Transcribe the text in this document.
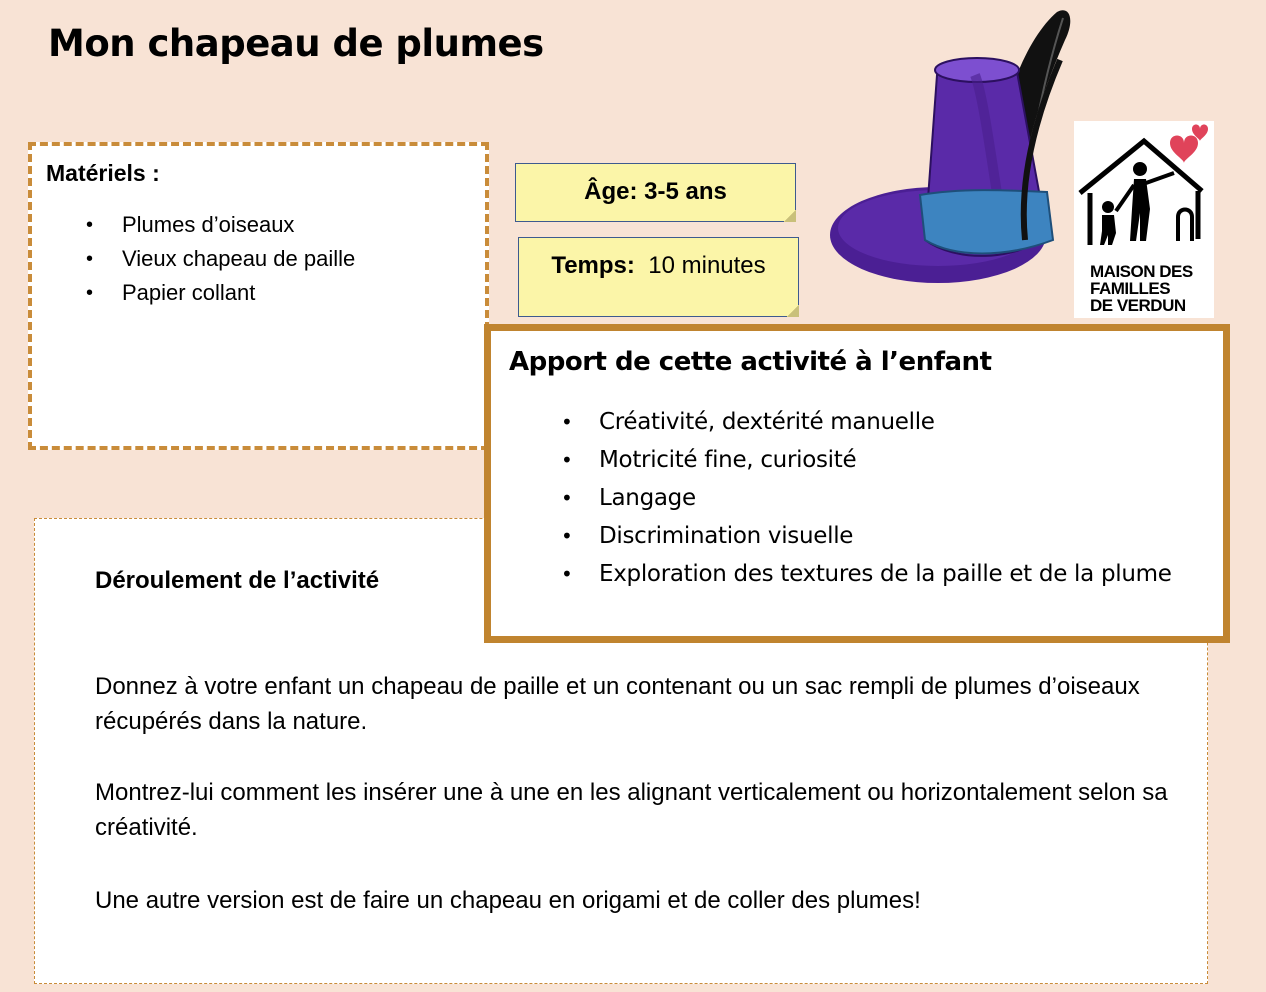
Mon chapeau de plumes
Matériels :
• Plumes d’oiseaux
• Vieux chapeau de paille
• Papier collant
Âge: 3-5 ans
Temps: 10 minutes	MAISON DES
FAMILLES
DE VERDUN
Déroulement de l’activité

Donnez à votre enfant un chapeau de paille et un contenant ou un sac rempli de plumes d’oiseaux récupérés dans la nature.

Montrez-lui comment les insérer une à une en les alignant verticalement ou horizontalement selon sa créativité.

Une autre version est de faire un chapeau en origami et de coller des plumes!

Apport de cette activité à l’enfant
• Créativité, dextérité manuelle
• Motricité fine, curiosité
• Langage
• Discrimination visuelle
• Exploration des textures de la paille et de la plume
